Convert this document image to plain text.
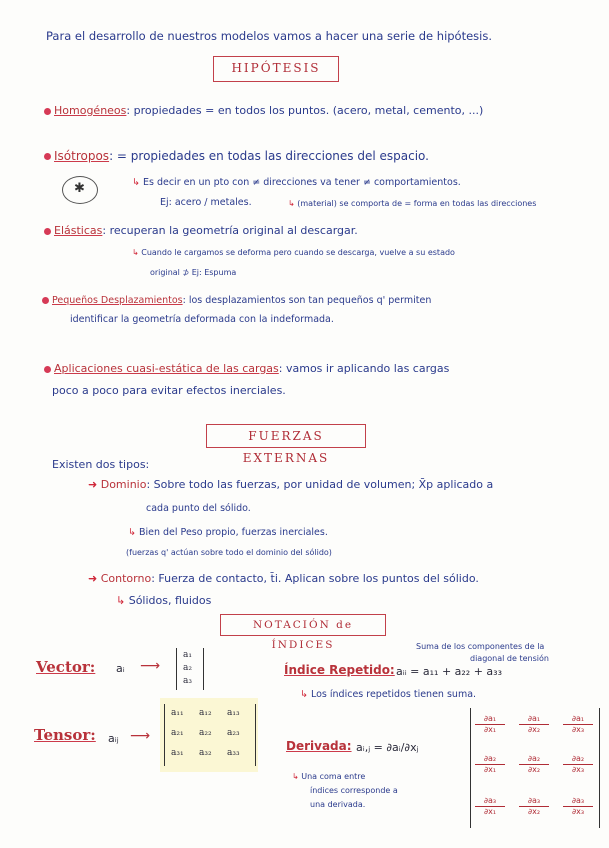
Para el desarrollo de nuestros modelos vamos a hacer una serie de hipótesis.
HIPÓTESIS
Homogéneos: propiedades = en todos los puntos. (acero, metal, cemento, ...)
Isótropos: = propiedades en todas las direcciones del espacio.
✱	↳ Es decir en un pto con ≠ direcciones va tener ≠ comportamientos.
Ej: acero / metales.	↳ (material) se comporta de = forma en todas las direcciones
Elásticas: recuperan la geometría original al descargar.
↳ Cuando le cargamos se deforma pero cuando se descarga, vuelve a su estado
original ⊅ Ej: Espuma
Pequeños Desplazamientos: los desplazamientos son tan pequeños q' permiten
identificar la geometría deformada con la indeformada.
Aplicaciones cuasi-estática de las cargas: vamos ir aplicando las cargas
poco a poco para evitar efectos inerciales.
FUERZAS EXTERNAS
Existen dos tipos:
➜ Dominio: Sobre todo las fuerzas, por unidad de volumen; X̄p aplicado a
cada punto del sólido.
↳ Bien del Peso propio, fuerzas inerciales.
(fuerzas q' actúan sobre todo el dominio del sólido)
➜ Contorno: Fuerza de contacto, t̄i. Aplican sobre los puntos del sólido.
↳ Sólidos, fluidos
NOTACIÓN de ÍNDICES
Vector: aᵢ ⟶
a₁
a₂
a₃
Tensor: aᵢⱼ ⟶
a₁₁ a₁₂ a₁₃
a₂₁ a₂₂ a₂₃
a₃₁ a₃₂ a₃₃
Suma de los componentes de la
diagonal de tensión
Índice Repetido: aᵢᵢ = a₁₁ + a₂₂ + a₃₃
↳ Los índices repetidos tienen suma.
Derivada: aᵢ,ⱼ = ∂aᵢ/∂xⱼ
↳ Una coma entre
índices corresponde a
una derivada.
∂a₁
∂x₁
∂a₁
∂x₂
∂a₁
∂x₃
∂a₂
∂x₁
∂a₂
∂x₂
∂a₂
∂x₃
∂a₃
∂x₁
∂a₃
∂x₂
∂a₃
∂x₃
